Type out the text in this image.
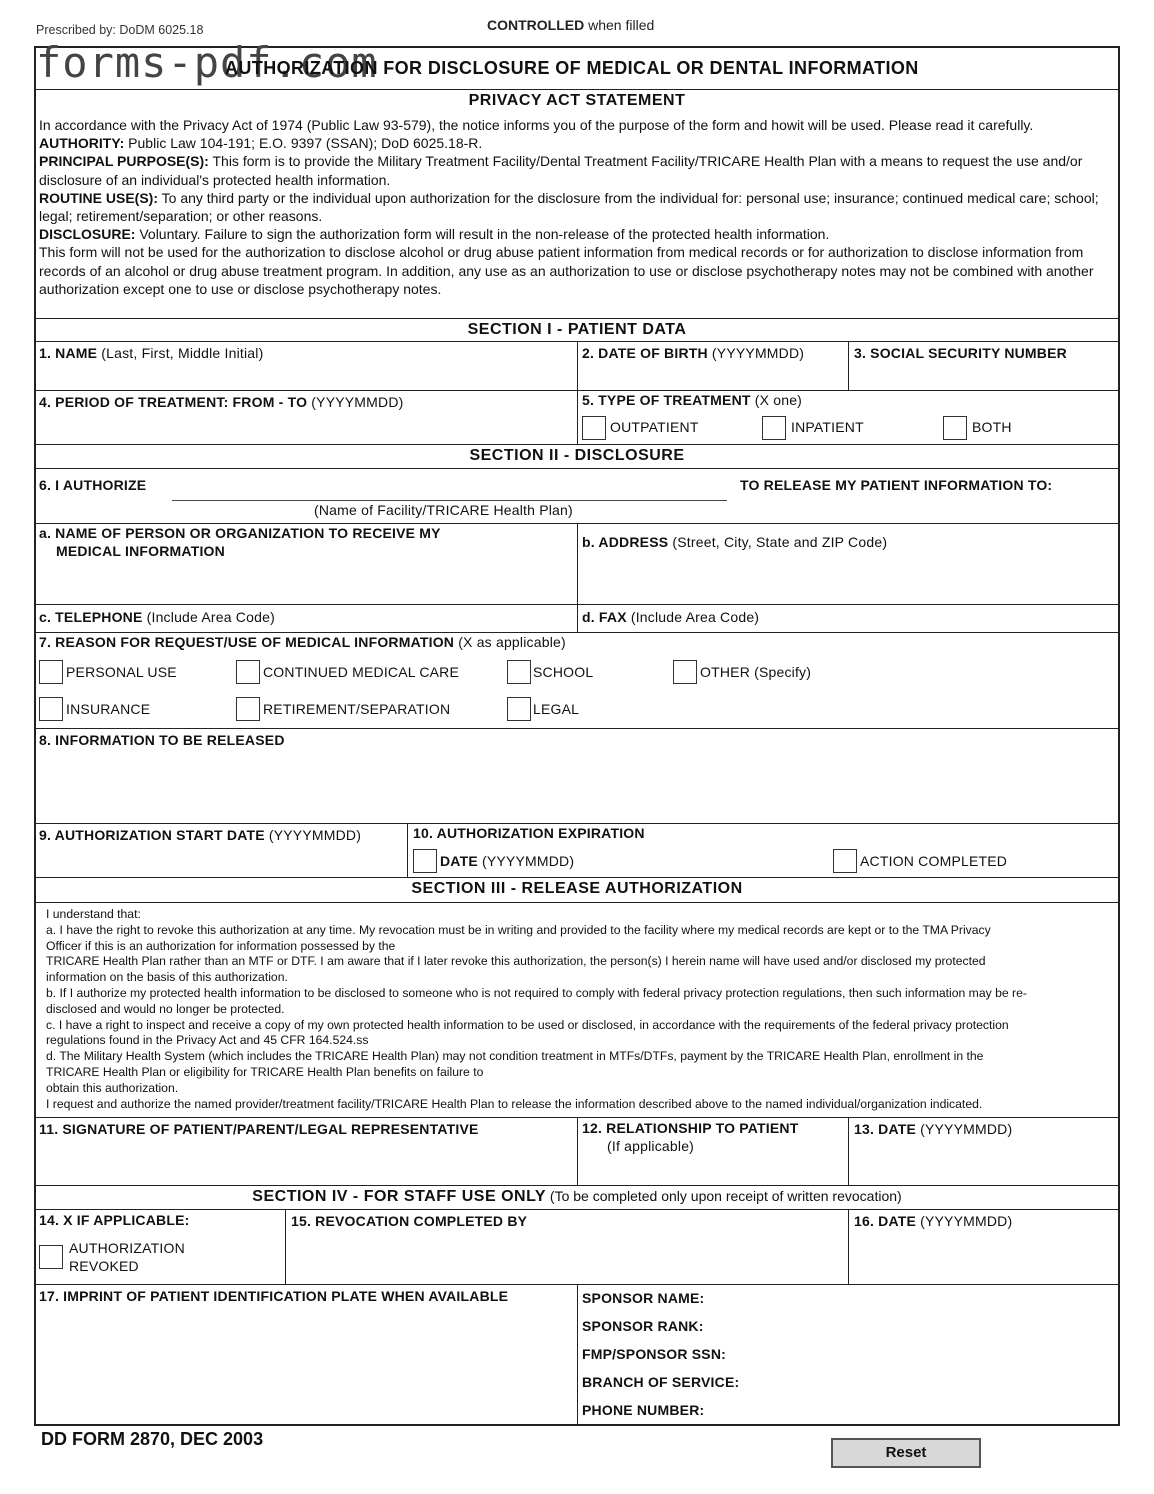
Prescribed by: DoDM 6025.18	CONTROLLED when filled
forms-pdf.com
AUTHORIZATION FOR DISCLOSURE OF MEDICAL OR DENTAL INFORMATION
PRIVACY ACT STATEMENT

In accordance with the Privacy Act of 1974 (Public Law 93-579), the notice informs you of the purpose of the form and howit will be used. Please read it carefully.

AUTHORITY: Public Law 104-191; E.O. 9397 (SSAN); DoD 6025.18-R.

PRINCIPAL PURPOSE(S): This form is to provide the Military Treatment Facility/Dental Treatment Facility/TRICARE Health Plan with a means to request the use and/or disclosure of an individual's protected health information.

ROUTINE USE(S): To any third party or the individual upon authorization for the disclosure from the individual for: personal use; insurance; continued medical care; school; legal; retirement/separation; or other reasons.

DISCLOSURE: Voluntary. Failure to sign the authorization form will result in the non-release of the protected health information.

This form will not be used for the authorization to disclose alcohol or drug abuse patient information from medical records or for authorization to disclose information from records of an alcohol or drug abuse treatment program. In addition, any use as an authorization to use or disclose psychotherapy notes may not be combined with another authorization except one to use or disclose psychotherapy notes.

SECTION I - PATIENT DATA
1. NAME (Last, First, Middle Initial)	2. DATE OF BIRTH (YYYYMMDD)	3. SOCIAL SECURITY NUMBER
4. PERIOD OF TREATMENT: FROM - TO (YYYYMMDD)	5. TYPE OF TREATMENT (X one)
OUTPATIENT	INPATIENT	BOTH
SECTION II - DISCLOSURE
6. I AUTHORIZE	TO RELEASE MY PATIENT INFORMATION TO:
(Name of Facility/TRICARE Health Plan)
a. NAME OF PERSON OR ORGANIZATION TO RECEIVE MY
MEDICAL INFORMATION
b. ADDRESS (Street, City, State and ZIP Code)
c. TELEPHONE (Include Area Code)	d. FAX (Include Area Code)
7. REASON FOR REQUEST/USE OF MEDICAL INFORMATION (X as applicable)
PERSONAL USE	CONTINUED MEDICAL CARE	SCHOOL	OTHER (Specify)
INSURANCE	RETIREMENT/SEPARATION	LEGAL
8. INFORMATION TO BE RELEASED
9. AUTHORIZATION START DATE (YYYYMMDD)	10. AUTHORIZATION EXPIRATION
DATE (YYYYMMDD)	ACTION COMPLETED
SECTION III - RELEASE AUTHORIZATION

I understand that:

a. I have the right to revoke this authorization at any time. My revocation must be in writing and provided to the facility where my medical records are kept or to the TMA Privacy

Officer if this is an authorization for information possessed by the

TRICARE Health Plan rather than an MTF or DTF. I am aware that if I later revoke this authorization, the person(s) I herein name will have used and/or disclosed my protected

information on the basis of this authorization.

b. If I authorize my protected health information to be disclosed to someone who is not required to comply with federal privacy protection regulations, then such information may be re-

disclosed and would no longer be protected.

c. I have a right to inspect and receive a copy of my own protected health information to be used or disclosed, in accordance with the requirements of the federal privacy protection

regulations found in the Privacy Act and 45 CFR 164.524.ss

d. The Military Health System (which includes the TRICARE Health Plan) may not condition treatment in MTFs/DTFs, payment by the TRICARE Health Plan, enrollment in the

TRICARE Health Plan or eligibility for TRICARE Health Plan benefits on failure to

obtain this authorization.

I request and authorize the named provider/treatment facility/TRICARE Health Plan to release the information described above to the named individual/organization indicated.

11. SIGNATURE OF PATIENT/PARENT/LEGAL REPRESENTATIVE	12. RELATIONSHIP TO PATIENT
(If applicable)
13. DATE (YYYYMMDD)
SECTION IV - FOR STAFF USE ONLY (To be completed only upon receipt of written revocation)
14. X IF APPLICABLE:
AUTHORIZATION
REVOKED
15. REVOCATION COMPLETED BY	16. DATE (YYYYMMDD)
17. IMPRINT OF PATIENT IDENTIFICATION PLATE WHEN AVAILABLE	SPONSOR NAME:
SPONSOR RANK:
FMP/SPONSOR SSN:
BRANCH OF SERVICE:
PHONE NUMBER:
DD FORM 2870, DEC 2003
Reset
